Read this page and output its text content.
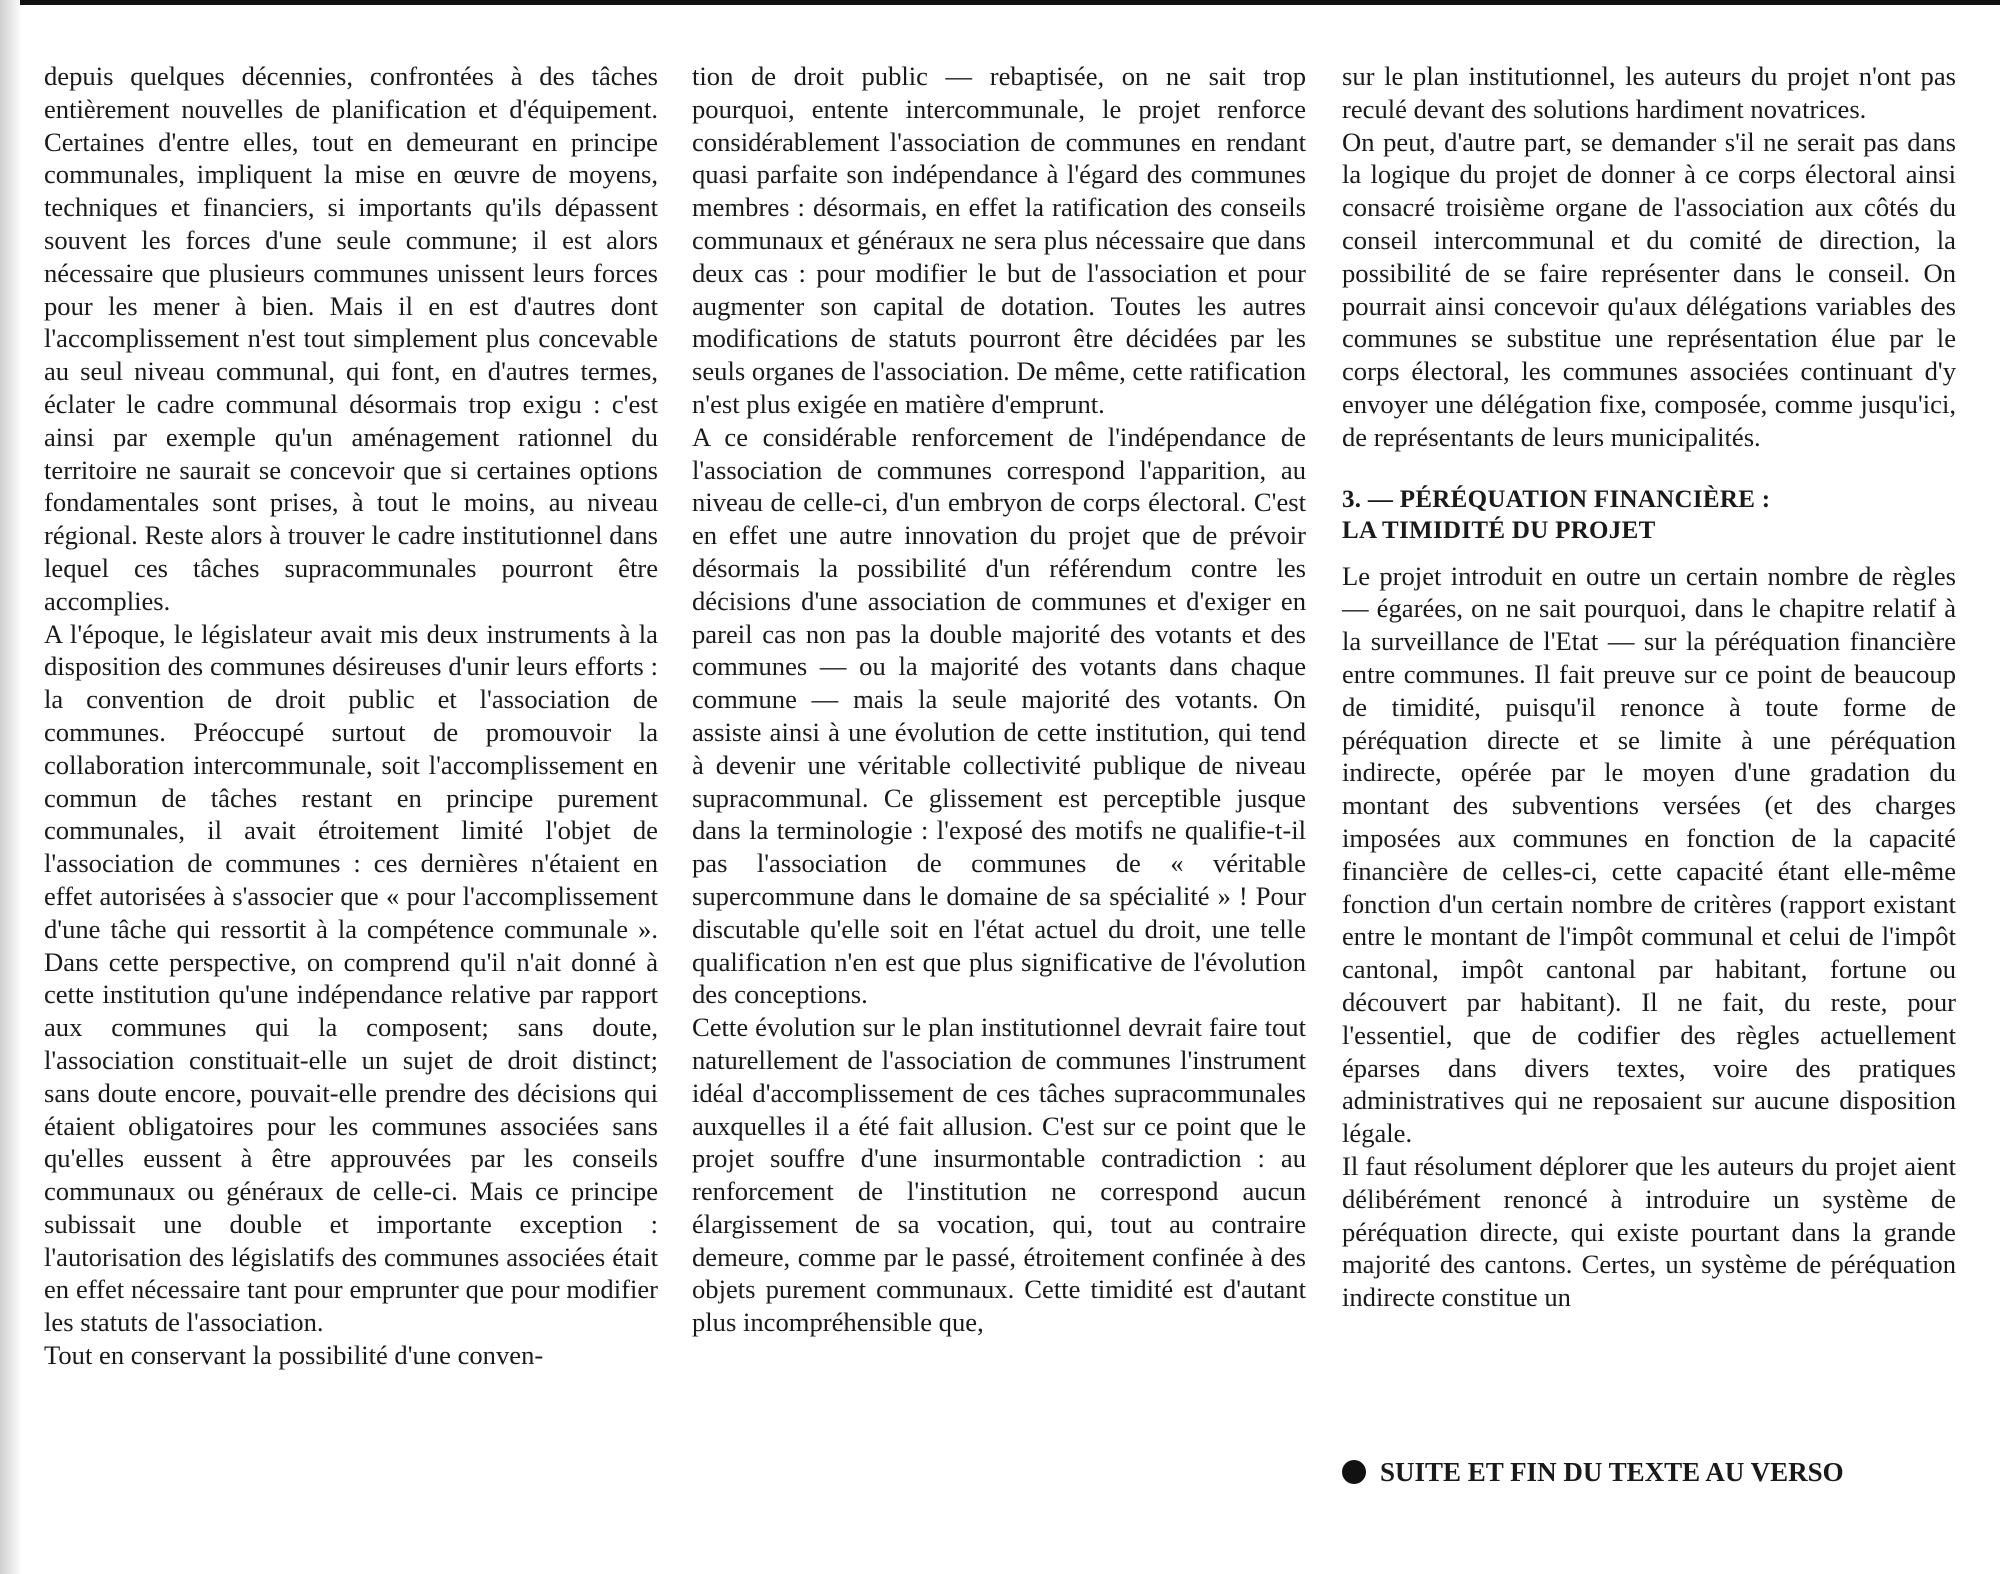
depuis quelques décennies, confrontées à des tâches entièrement nouvelles de planification et d'équipement. Certaines d'entre elles, tout en demeurant en principe communales, impliquent la mise en œuvre de moyens, techniques et financiers, si importants qu'ils dépassent souvent les forces d'une seule commune; il est alors nécessaire que plusieurs communes unissent leurs forces pour les mener à bien. Mais il en est d'autres dont l'accomplissement n'est tout simplement plus concevable au seul niveau communal, qui font, en d'autres termes, éclater le cadre communal désormais trop exigu : c'est ainsi par exemple qu'un aménagement rationnel du territoire ne saurait se concevoir que si certaines options fondamentales sont prises, à tout le moins, au niveau régional. Reste alors à trouver le cadre institutionnel dans lequel ces tâches supracommunales pourront être accomplies.

A l'époque, le législateur avait mis deux instruments à la disposition des communes désireuses d'unir leurs efforts : la convention de droit public et l'association de communes. Préoccupé surtout de promouvoir la collaboration intercommunale, soit l'accomplissement en commun de tâches restant en principe purement communales, il avait étroitement limité l'objet de l'association de communes : ces dernières n'étaient en effet autorisées à s'associer que « pour l'accomplissement d'une tâche qui ressortit à la compétence communale ». Dans cette perspective, on comprend qu'il n'ait donné à cette institution qu'une indépendance relative par rapport aux communes qui la composent; sans doute, l'association constituait-elle un sujet de droit distinct; sans doute encore, pouvait-elle prendre des décisions qui étaient obligatoires pour les communes associées sans qu'elles eussent à être approuvées par les conseils communaux ou généraux de celle-ci. Mais ce principe subissait une double et importante exception : l'autorisation des législatifs des communes associées était en effet nécessaire tant pour emprunter que pour modifier les statuts de l'association.

Tout en conservant la possibilité d'une conven-

tion de droit public — rebaptisée, on ne sait trop pourquoi, entente intercommunale, le projet renforce considérablement l'association de communes en rendant quasi parfaite son indépendance à l'égard des communes membres : désormais, en effet la ratification des conseils communaux et généraux ne sera plus nécessaire que dans deux cas : pour modifier le but de l'association et pour augmenter son capital de dotation. Toutes les autres modifications de statuts pourront être décidées par les seuls organes de l'association. De même, cette ratification n'est plus exigée en matière d'emprunt.

A ce considérable renforcement de l'indépendance de l'association de communes correspond l'apparition, au niveau de celle-ci, d'un embryon de corps électoral. C'est en effet une autre innovation du projet que de prévoir désormais la possibilité d'un référendum contre les décisions d'une association de communes et d'exiger en pareil cas non pas la double majorité des votants et des communes — ou la majorité des votants dans chaque commune — mais la seule majorité des votants. On assiste ainsi à une évolution de cette institution, qui tend à devenir une véritable collectivité publique de niveau supracommunal. Ce glissement est perceptible jusque dans la terminologie : l'exposé des motifs ne qualifie-t-il pas l'association de communes de « véritable supercommune dans le domaine de sa spécialité » ! Pour discutable qu'elle soit en l'état actuel du droit, une telle qualification n'en est que plus significative de l'évolution des conceptions.

Cette évolution sur le plan institutionnel devrait faire tout naturellement de l'association de communes l'instrument idéal d'accomplissement de ces tâches supracommunales auxquelles il a été fait allusion. C'est sur ce point que le projet souffre d'une insurmontable contradiction : au renforcement de l'institution ne correspond aucun élargissement de sa vocation, qui, tout au contraire demeure, comme par le passé, étroitement confinée à des objets purement communaux. Cette timidité est d'autant plus incompréhensible que,

sur le plan institutionnel, les auteurs du projet n'ont pas reculé devant des solutions hardiment novatrices.

On peut, d'autre part, se demander s'il ne serait pas dans la logique du projet de donner à ce corps électoral ainsi consacré troisième organe de l'association aux côtés du conseil intercommunal et du comité de direction, la possibilité de se faire représenter dans le conseil. On pourrait ainsi concevoir qu'aux délégations variables des communes se substitue une représentation élue par le corps électoral, les communes associées continuant d'y envoyer une délégation fixe, composée, comme jusqu'ici, de représentants de leurs municipalités.

3. — PÉRÉQUATION FINANCIÈRE :
LA TIMIDITÉ DU PROJET

Le projet introduit en outre un certain nombre de règles — égarées, on ne sait pourquoi, dans le chapitre relatif à la surveillance de l'Etat — sur la péréquation financière entre communes. Il fait preuve sur ce point de beaucoup de timidité, puisqu'il renonce à toute forme de péréquation directe et se limite à une péréquation indirecte, opérée par le moyen d'une gradation du montant des subventions versées (et des charges imposées aux communes en fonction de la capacité financière de celles-ci, cette capacité étant elle-même fonction d'un certain nombre de critères (rapport existant entre le montant de l'impôt communal et celui de l'impôt cantonal, impôt cantonal par habitant, fortune ou découvert par habitant). Il ne fait, du reste, pour l'essentiel, que de codifier des règles actuellement éparses dans divers textes, voire des pratiques administratives qui ne reposaient sur aucune disposition légale.

Il faut résolument déplorer que les auteurs du projet aient délibérément renoncé à introduire un système de péréquation directe, qui existe pourtant dans la grande majorité des cantons. Certes, un système de péréquation indirecte constitue un

SUITE ET FIN DU TEXTE AU VERSO
